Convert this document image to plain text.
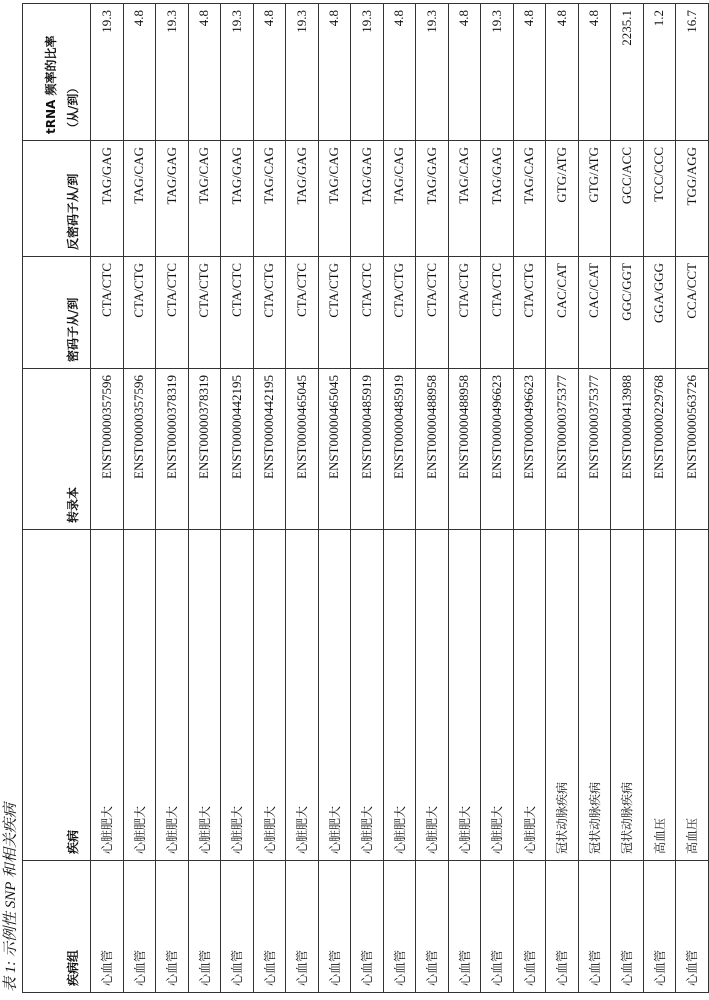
表 1: 示例性 SNP 和相关疾病	疾病组	疾病	转录本	密码子从/到	反密码子从/到	tRNA 频率的比率 （从/到）

心血管	心脏肥大	ENST00000357596	CTA/CTC	TAG/GAG	19.3
心血管	心脏肥大	ENST00000357596	CTA/CTG	TAG/CAG	4.8
心血管	心脏肥大	ENST00000378319	CTA/CTC	TAG/GAG	19.3
心血管	心脏肥大	ENST00000378319	CTA/CTG	TAG/CAG	4.8
心血管	心脏肥大	ENST00000442195	CTA/CTC	TAG/GAG	19.3
心血管	心脏肥大	ENST00000442195	CTA/CTG	TAG/CAG	4.8
心血管	心脏肥大	ENST00000465045	CTA/CTC	TAG/GAG	19.3
心血管	心脏肥大	ENST00000465045	CTA/CTG	TAG/CAG	4.8
心血管	心脏肥大	ENST00000485919	CTA/CTC	TAG/GAG	19.3
心血管	心脏肥大	ENST00000485919	CTA/CTG	TAG/CAG	4.8
心血管	心脏肥大	ENST00000488958	CTA/CTC	TAG/GAG	19.3
心血管	心脏肥大	ENST00000488958	CTA/CTG	TAG/CAG	4.8
心血管	心脏肥大	ENST00000496623	CTA/CTC	TAG/GAG	19.3
心血管	心脏肥大	ENST00000496623	CTA/CTG	TAG/CAG	4.8
心血管	冠状动脉疾病	ENST00000375377	CAC/CAT	GTG/ATG	4.8
心血管	冠状动脉疾病	ENST00000375377	CAC/CAT	GTG/ATG	4.8
心血管	冠状动脉疾病	ENST00000413988	GGC/GGT	GCC/ACC	2235.1
心血管	高血压	ENST00000229768	GGA/GGG	TCC/CCC	1.2
心血管	高血压	ENST00000563726	CCA/CCT	TGG/AGG	16.7
